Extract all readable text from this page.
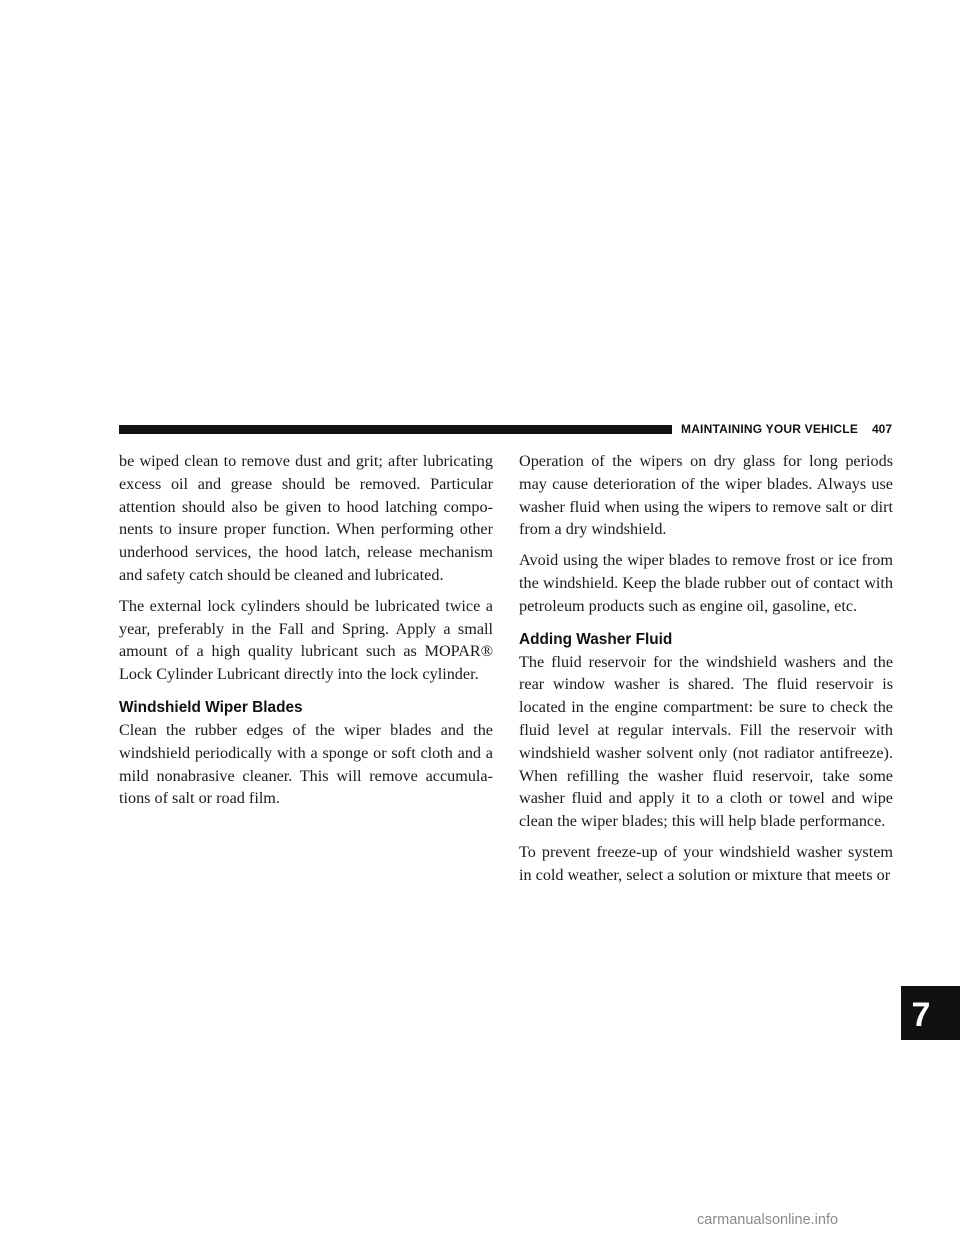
MAINTAINING YOUR VEHICLE 407

be wiped clean to remove dust and grit; after lubricating excess oil and grease should be removed. Particular attention should also be given to hood latching compo-nents to insure proper function. When performing other underhood services, the hood latch, release mechanism and safety catch should be cleaned and lubricated.

The external lock cylinders should be lubricated twice a year, preferably in the Fall and Spring. Apply a small amount of a high quality lubricant such as MOPAR® Lock Cylinder Lubricant directly into the lock cylinder.

Windshield Wiper Blades

Clean the rubber edges of the wiper blades and the windshield periodically with a sponge or soft cloth and a mild nonabrasive cleaner. This will remove accumula-tions of salt or road film.

Operation of the wipers on dry glass for long periods may cause deterioration of the wiper blades. Always use washer fluid when using the wipers to remove salt or dirt from a dry windshield.

Avoid using the wiper blades to remove frost or ice from the windshield. Keep the blade rubber out of contact with petroleum products such as engine oil, gasoline, etc.

Adding Washer Fluid

The fluid reservoir for the windshield washers and the rear window washer is shared. The fluid reservoir is located in the engine compartment: be sure to check the fluid level at regular intervals. Fill the reservoir with windshield washer solvent only (not radiator antifreeze). When refilling the washer fluid reservoir, take some washer fluid and apply it to a cloth or towel and wipe clean the wiper blades; this will help blade performance.

To prevent freeze-up of your windshield washer system in cold weather, select a solution or mixture that meets or

7
carmanualsonline.info
